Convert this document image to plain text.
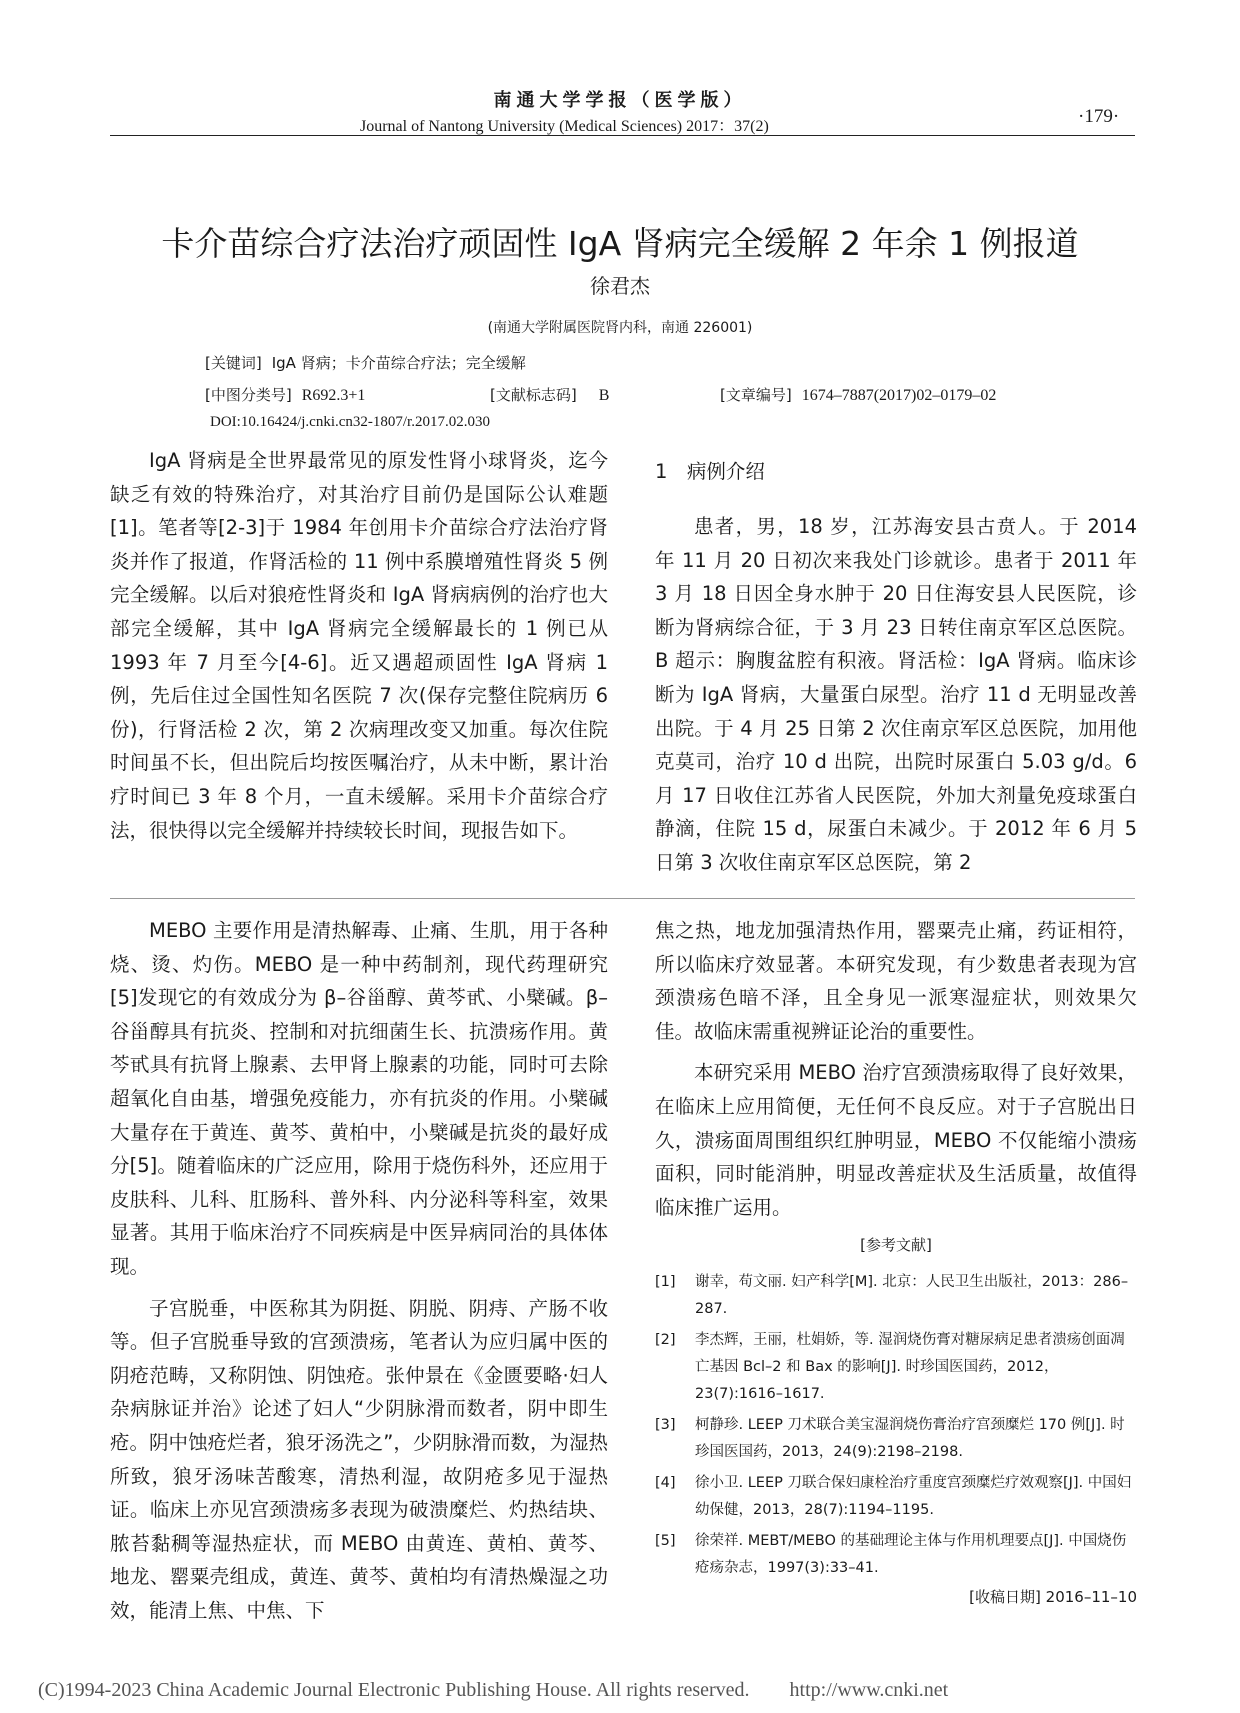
南通大学学报（医学版）
Journal of Nantong University (Medical Sciences) 2017：37(2)	·179·
卡介苗综合疗法治疗顽固性 IgA 肾病完全缓解 2 年余 1 例报道
徐君杰
(南通大学附属医院肾内科，南通 226001)
[关键词] IgA 肾病；卡介苗综合疗法；完全缓解
[中图分类号] R692.3+1	[文献标志码] B	[文章编号] 1674–7887(2017)02–0179–02
DOI:10.16424/j.cnki.cn32-1807/r.2017.02.030

IgA 肾病是全世界最常见的原发性肾小球肾炎，迄今缺乏有效的特殊治疗，对其治疗目前仍是国际公认难题[1]。笔者等[2-3]于 1984 年创用卡介苗综合疗法治疗肾炎并作了报道，作肾活检的 11 例中系膜增殖性肾炎 5 例完全缓解。以后对狼疮性肾炎和 IgA 肾病病例的治疗也大部完全缓解，其中 IgA 肾病完全缓解最长的 1 例已从 1993 年 7 月至今[4-6]。近又遇超顽固性 IgA 肾病 1 例，先后住过全国性知名医院 7 次(保存完整住院病历 6 份)，行肾活检 2 次，第 2 次病理改变又加重。每次住院时间虽不长，但出院后均按医嘱治疗，从未中断，累计治疗时间已 3 年 8 个月，一直未缓解。采用卡介苗综合疗法，很快得以完全缓解并持续较长时间，现报告如下。

1　病例介绍

患者，男，18 岁，江苏海安县古贲人。于 2014 年 11 月 20 日初次来我处门诊就诊。患者于 2011 年 3 月 18 日因全身水肿于 20 日住海安县人民医院，诊断为肾病综合征，于 3 月 23 日转住南京军区总医院。B 超示：胸腹盆腔有积液。肾活检：IgA 肾病。临床诊断为 IgA 肾病，大量蛋白尿型。治疗 11 d 无明显改善出院。于 4 月 25 日第 2 次住南京军区总医院，加用他克莫司，治疗 10 d 出院，出院时尿蛋白 5.03 g/d。6 月 17 日收住江苏省人民医院，外加大剂量免疫球蛋白静滴，住院 15 d，尿蛋白未减少。于 2012 年 6 月 5 日第 3 次收住南京军区总医院，第 2

MEBO 主要作用是清热解毒、止痛、生肌，用于各种烧、烫、灼伤。MEBO 是一种中药制剂，现代药理研究[5]发现它的有效成分为 β–谷甾醇、黄芩甙、小檗碱。β–谷甾醇具有抗炎、控制和对抗细菌生长、抗溃疡作用。黄芩甙具有抗肾上腺素、去甲肾上腺素的功能，同时可去除超氧化自由基，增强免疫能力，亦有抗炎的作用。小檗碱大量存在于黄连、黄芩、黄柏中，小檗碱是抗炎的最好成分[5]。随着临床的广泛应用，除用于烧伤科外，还应用于皮肤科、儿科、肛肠科、普外科、内分泌科等科室，效果显著。其用于临床治疗不同疾病是中医异病同治的具体体现。

子宫脱垂，中医称其为阴挺、阴脱、阴痔、产肠不收等。但子宫脱垂导致的宫颈溃疡，笔者认为应归属中医的阴疮范畴，又称阴蚀、阴蚀疮。张仲景在《金匮要略·妇人杂病脉证并治》论述了妇人“少阴脉滑而数者，阴中即生疮。阴中蚀疮烂者，狼牙汤洗之”，少阴脉滑而数，为湿热所致，狼牙汤味苦酸寒，清热利湿，故阴疮多见于湿热证。临床上亦见宫颈溃疡多表现为破溃糜烂、灼热结块、脓苔黏稠等湿热症状，而 MEBO 由黄连、黄柏、黄芩、地龙、罂粟壳组成，黄连、黄芩、黄柏均有清热燥湿之功效，能清上焦、中焦、下

焦之热，地龙加强清热作用，罂粟壳止痛，药证相符，所以临床疗效显著。本研究发现，有少数患者表现为宫颈溃疡色暗不泽，且全身见一派寒湿症状，则效果欠佳。故临床需重视辨证论治的重要性。

本研究采用 MEBO 治疗宫颈溃疡取得了良好效果，在临床上应用简便，无任何不良反应。对于子宫脱出日久，溃疡面周围组织红肿明显，MEBO 不仅能缩小溃疡面积，同时能消肿，明显改善症状及生活质量，故值得临床推广运用。

[参考文献]
[1]	谢幸，苟文丽. 妇产科学[M]. 北京：人民卫生出版社，2013：286–287.
[2]	李杰辉，王丽，杜娟娇，等. 湿润烧伤膏对糖尿病足患者溃疡创面凋亡基因 Bcl–2 和 Bax 的影响[J]. 时珍国医国药，2012，23(7):1616–1617.
[3]	柯静珍. LEEP 刀术联合美宝湿润烧伤膏治疗宫颈糜烂 170 例[J]. 时珍国医国药，2013，24(9):2198–2198.
[4]	徐小卫. LEEP 刀联合保妇康栓治疗重度宫颈糜烂疗效观察[J]. 中国妇幼保健，2013，28(7):1194–1195.
[5]	徐荣祥. MEBT/MEBO 的基础理论主体与作用机理要点[J]. 中国烧伤疮疡杂志，1997(3):33–41.
[收稿日期] 2016–11–10
(C)1994-2023 China Academic Journal Electronic Publishing House. All rights reserved.　　http://www.cnki.net
